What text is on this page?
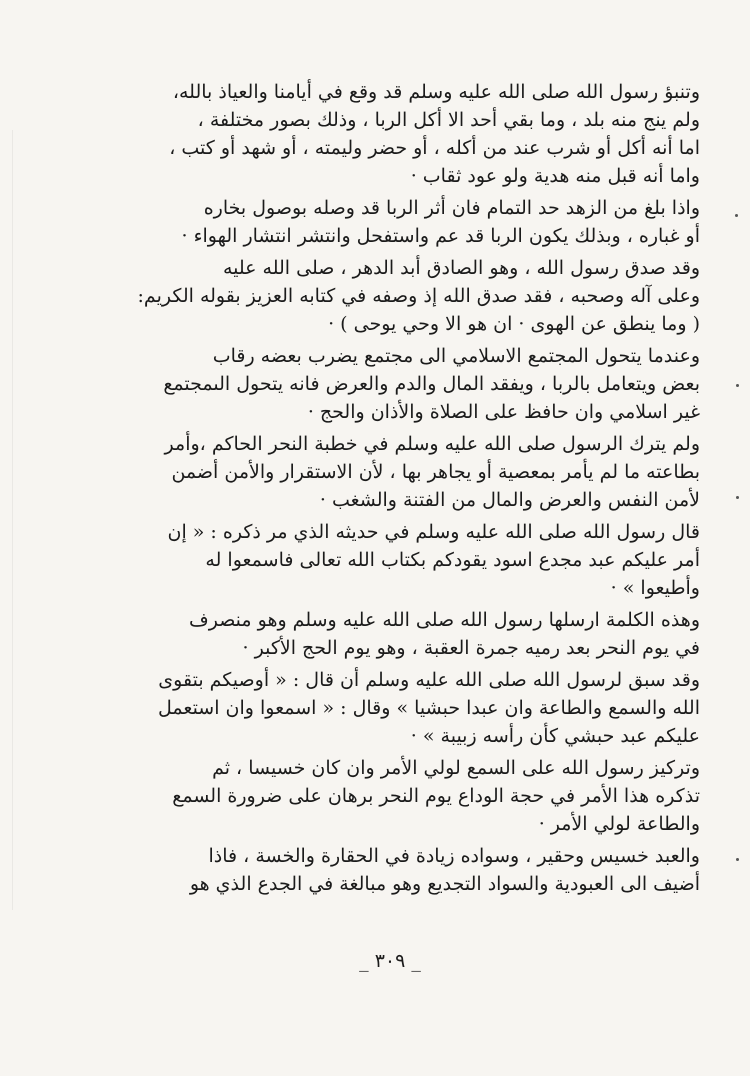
وتنبؤ رسول الله صلى الله عليه وسلم قد وقع في أيامنا والعياذ بالله،
ولم ينج منه بلد ، وما بقي أحد الا أكل الربا ، وذلك بصور مختلفة ،
اما أنه أكل أو شرب عند من أكله ، أو حضر وليمته ، أو شهد أو كتب ،
واما أنه قبل منه هدية ولو عود ثقاب ·
واذا بلغ من الزهد حد التمام فان أثر الربا قد وصله بوصول بخاره
أو غباره ، وبذلك يكون الربا قد عم واستفحل وانتشر انتشار الهواء ·
وقد صدق رسول الله ، وهو الصادق أبد الدهر ، صلى الله عليه
وعلى آله وصحبه ، فقد صدق الله إذ وصفه في كتابه العزيز بقوله الكريم:
( وما ينطق عن الهوى · ان هو الا وحي يوحى ) ·
وعندما يتحول المجتمع الاسلامي الى مجتمع يضرب بعضه رقاب
بعض ويتعامل بالربا ، ويفقد المال والدم والعرض فانه يتحول الىمجتمع
غير اسلامي وان حافظ على الصلاة والأذان والحج ·
ولم يترك الرسول صلى الله عليه وسلم في خطبة النحر الحاكم ،وأمر
بطاعته ما لم يأمر بمعصية أو يجاهر بها ، لأن الاستقرار والأمن أضمن
لأمن النفس والعرض والمال من الفتنة والشغب ·
قال رسول الله صلى الله عليه وسلم في حديثه الذي مر ذكره : « إن
أمر عليكم عبد مجدع اسود يقودكم بكتاب الله تعالى فاسمعوا له
وأطيعوا » ·
وهذه الكلمة ارسلها رسول الله صلى الله عليه وسلم وهو منصرف
في يوم النحر بعد رميه جمرة العقبة ، وهو يوم الحج الأكبر ·
وقد سبق لرسول الله صلى الله عليه وسلم أن قال : « أوصيكم بتقوى
الله والسمع والطاعة وان عبدا حبشيا » وقال : « اسمعوا وان استعمل
عليكم عبد حبشي كأن رأسه زبيبة » ·
وتركيز رسول الله على السمع لولي الأمر وان كان خسيسا ، ثم
تذكره هذا الأمر في حجة الوداع يوم النحر برهان على ضرورة السمع
والطاعة لولي الأمر ·
والعبد خسيس وحقير ، وسواده زيادة في الحقارة والخسة ، فاذا
أضيف الى العبودية والسواد التجديع وهو مبالغة في الجدع الذي هو
_ ٣٠٩ _
